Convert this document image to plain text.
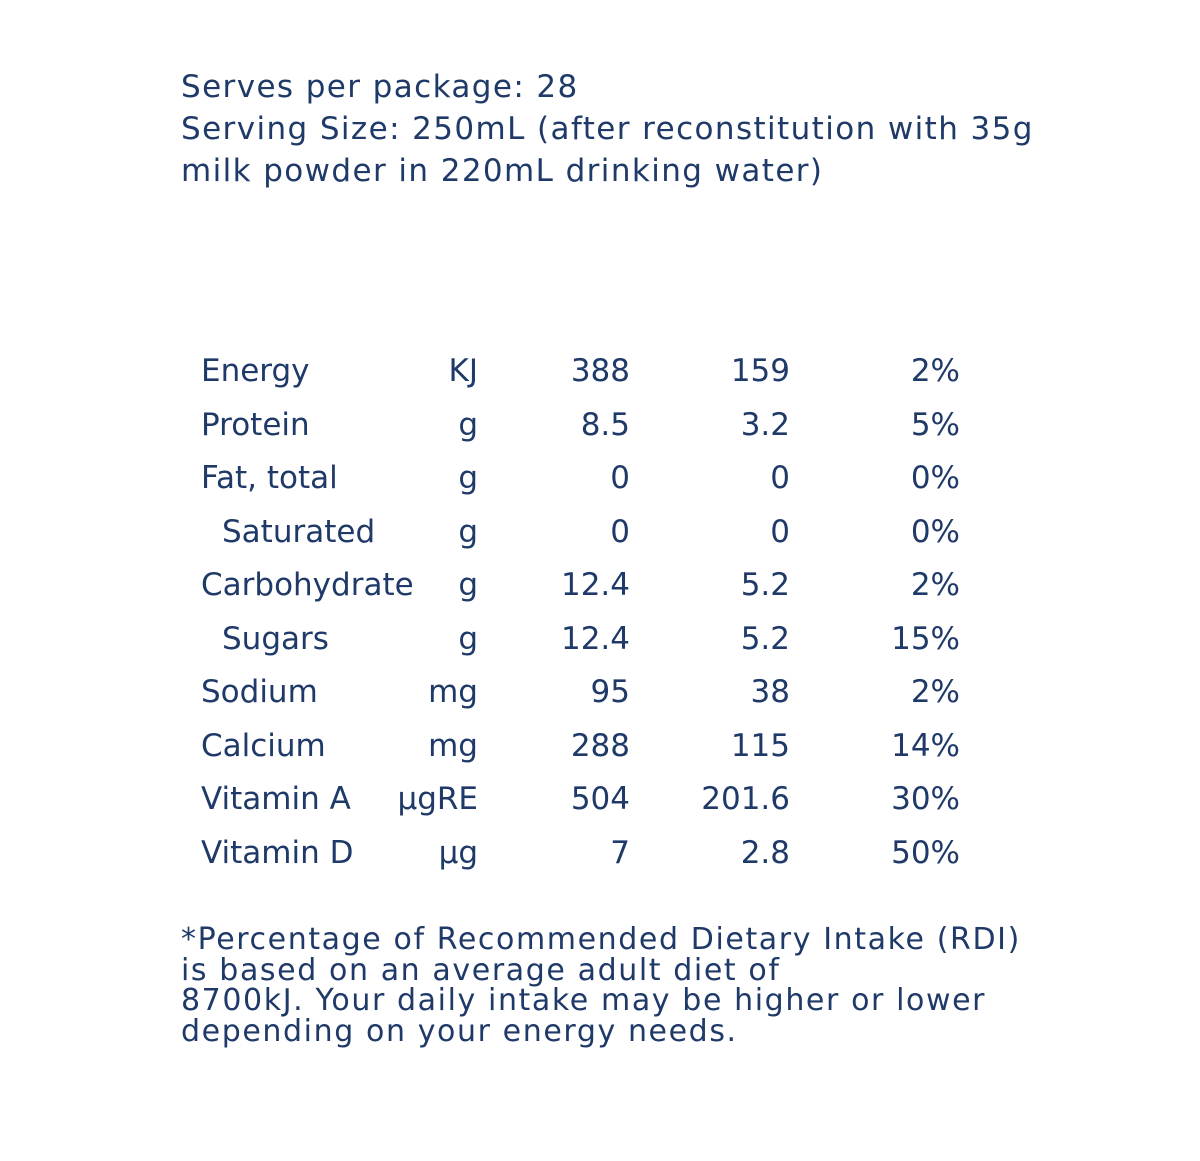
Serves per package: 28
Serving Size: 250mL (after reconstitution with 35g
milk powder in 220mL drinking water)
Energy	KJ	388	159	2%
Protein	g	8.5	3.2	5%
Fat, total	g	0	0	0%
Saturated	g	0	0	0%
Carbohydrate g	12.4	5.2	2%
Sugars	g	12.4	5.2	15%
Sodium	mg	95	38	2%
Calcium	mg	288	115	14%
Vitamin A μgRE	504 201.6	30%
Vitamin D	μg	7	2.8	50%
*Percentage of Recommended Dietary Intake (RDI)
is based on an average adult diet of
8700kJ. Your daily intake may be higher or lower
depending on your energy needs.
